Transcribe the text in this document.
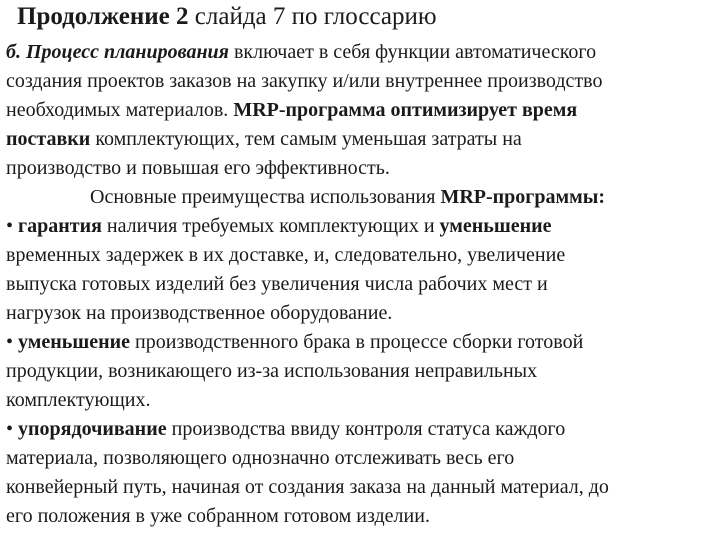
Продолжение 2 слайда 7 по глоссарию
б. Процесс планирования включает в себя функции автоматического
создания проектов заказов на закупку и/или внутреннее производство
необходимых материалов. MRP-программа оптимизирует время
поставки комплектующих, тем самым уменьшая затраты на
производство и повышая его эффективность.
Основные преимущества использования MRP-программы:
• гарантия наличия требуемых комплектующих и уменьшение
временных задержек в их доставке, и, следовательно, увеличение
выпуска готовых изделий без увеличения числа рабочих мест и
нагрузок на производственное оборудование.
• уменьшение производственного брака в процессе сборки готовой
продукции, возникающего из-за использования неправильных
комплектующих.
• упорядочивание производства ввиду контроля статуса каждого
материала, позволяющего однозначно отслеживать весь его
конвейерный путь, начиная от создания заказа на данный материал, до
его положения в уже собранном готовом изделии.
